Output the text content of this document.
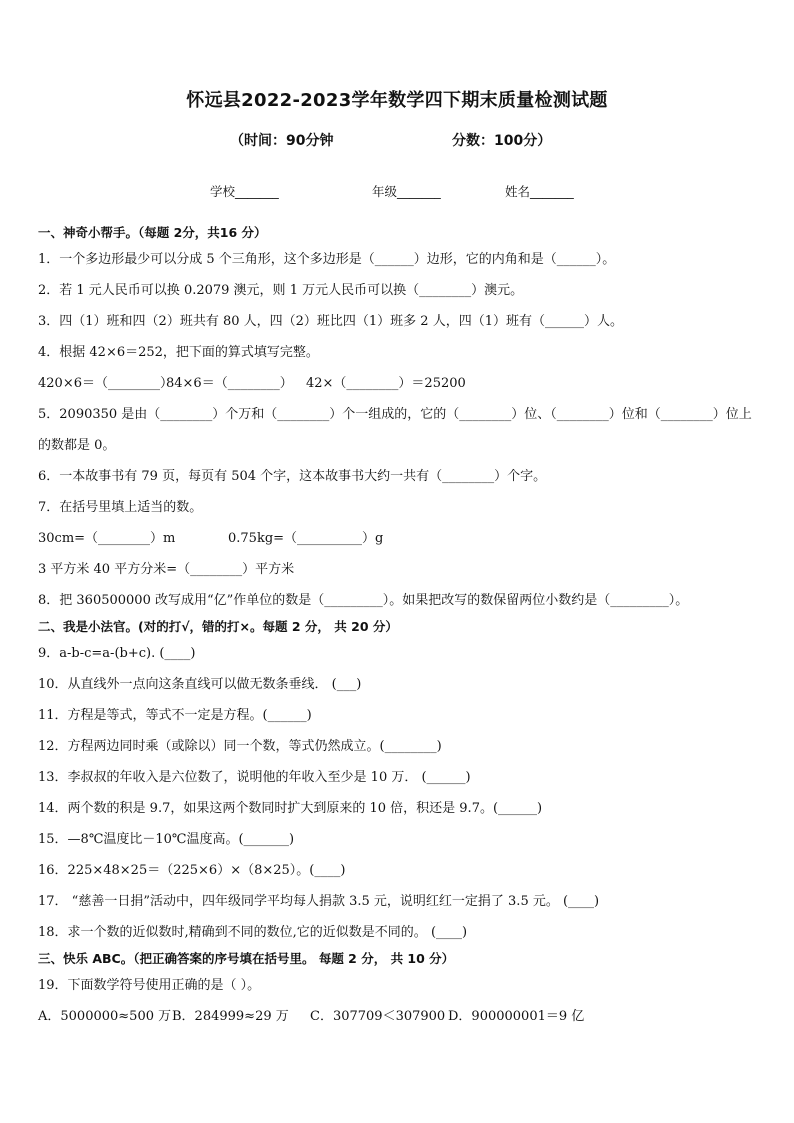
怀远县2022-2023学年数学四下期末质量检测试题
（时间：90分钟	分数：100分）
学校_______	年级_______	姓名_______
一、神奇小帮手。（每题 2分，共16 分）
1．一个多边形最少可以分成 5 个三角形，这个多边形是（______）边形，它的内角和是（______）。
2．若 1 元人民币可以换 0.2079 澳元，则 1 万元人民币可以换（________）澳元。
3．四（1）班和四（2）班共有 80 人，四（2）班比四（1）班多 2 人，四（1）班有（______）人。
4．根据 42×6＝252，把下面的算式填写完整。
420×6＝（________）84×6＝（________） 42×（________）＝25200
5．2090350 是由（________）个万和（________）个一组成的，它的（________）位、（________）位和（________）位上的数都是 0。
6．一本故事书有 79 页，每页有 504 个字，这本故事书大约一共有（________）个字。
7．在括号里填上适当的数。
30cm=（________）m	0.75kg=（__________）g
3 平方米 40 平方分米=（________）平方米
8．把 360500000 改写成用“亿”作单位的数是（_________）。如果把改写的数保留两位小数约是（_________）。
二、我是小法官。(对的打√，错的打×。每题 2 分， 共 20 分）
9．a-b-c=a-(b+c). (____)
10．从直线外一点向这条直线可以做无数条垂线． (___)
11．方程是等式，等式不一定是方程。(______)
12．方程两边同时乘（或除以）同一个数，等式仍然成立。(________)
13．李叔叔的年收入是六位数了，说明他的年收入至少是 10 万． (______)
14．两个数的积是 9.7，如果这两个数同时扩大到原来的 10 倍，积还是 9.7。(______)
15．—8℃温度比－10℃温度高。(_______)
16．225×48×25＝（225×6）×（8×25）。(____)
17． “慈善一日捐”活动中，四年级同学平均每人捐款 3.5 元，说明红红一定捐了 3.5 元。 (____)
18．求一个数的近似数时,精确到不同的数位,它的近似数是不同的。 (____)
三、快乐 ABC。（把正确答案的序号填在括号里。 每题 2 分， 共 10 分）
19．下面数学符号使用正确的是（ ）。
A．5000000≈500 万B．284999≈29 万 C．307709＜307900 D．900000001＝9 亿
